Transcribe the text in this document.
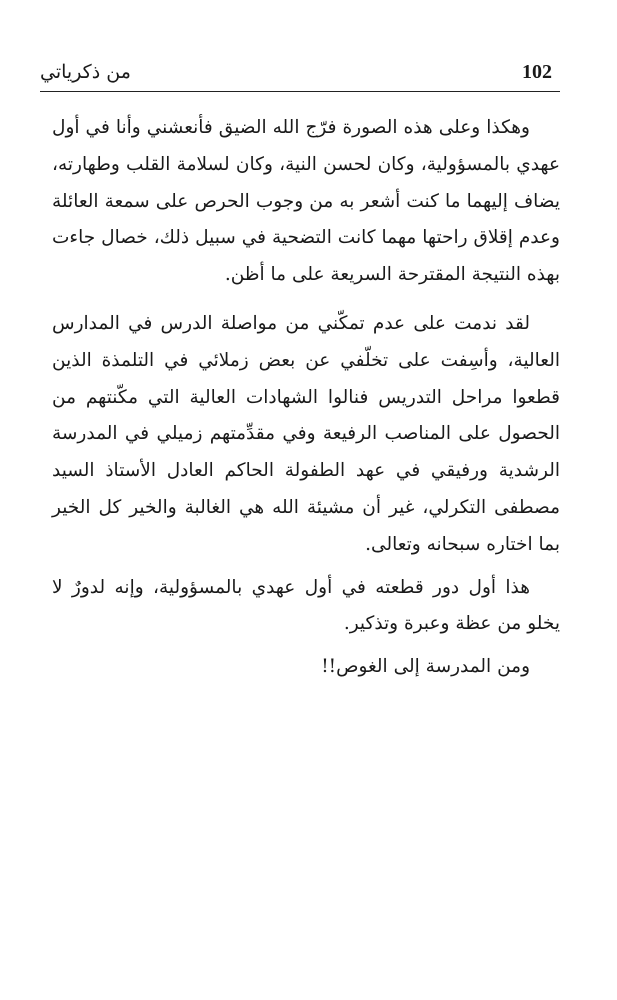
102
من ذكرياتي

وهكذا وعلى هذه الصورة فرّج الله الضيق فأنعشني وأنا في أول عهدي بالمسؤولية، وكان لحسن النية، وكان لسلامة القلب وطهارته، يضاف إليهما ما كنت أشعر به من وجوب الحرص على سمعة العائلة وعدم إقلاق راحتها مهما كانت التضحية في سبيل ذلك، خصال جاءت بهذه النتيجة المقترحة السريعة على ما أظن.

لقد ندمت على عدم تمكّني من مواصلة الدرس في المدارس العالية، وأسِفت على تخلّفي عن بعض زملائي في التلمذة الذين قطعوا مراحل التدريس فنالوا الشهادات العالية التي مكّنتهم من الحصول على المناصب الرفيعة وفي مقدِّمتهم زميلي في المدرسة الرشدية ورفيقي في عهد الطفولة الحاكم العادل الأستاذ السيد مصطفى التكرلي، غير أن مشيئة الله هي الغالبة والخير كل الخير بما اختاره سبحانه وتعالى.

هذا أول دور قطعته في أول عهدي بالمسؤولية، وإنه لدورٌ لا يخلو من عظة وعبرة وتذكير.

ومن المدرسة إلى الغوص!!
